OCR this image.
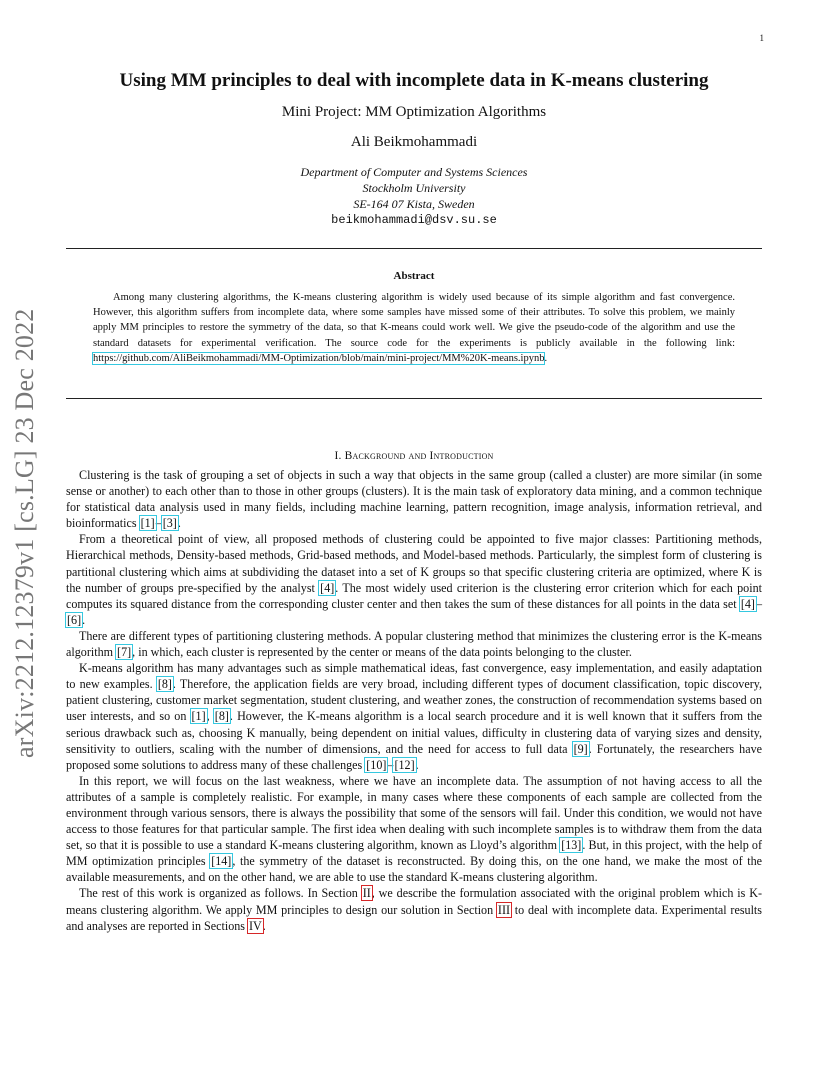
1
arXiv:2212.12379v1 [cs.LG] 23 Dec 2022
Using MM principles to deal with incomplete data in K-means clustering
Mini Project: MM Optimization Algorithms
Ali Beikmohammadi
Department of Computer and Systems Sciences
Stockholm University
SE-164 07 Kista, Sweden
beikmohammadi@dsv.su.se
Abstract
Among many clustering algorithms, the K-means clustering algorithm is widely used because of its simple algorithm and fast convergence. However, this algorithm suffers from incomplete data, where some samples have missed some of their attributes. To solve this problem, we mainly apply MM principles to restore the symmetry of the data, so that K-means could work well. We give the pseudo-code of the algorithm and use the standard datasets for experimental verification. The source code for the experiments is publicly available in the following link: https://github.com/AliBeikmohammadi/MM-Optimization/blob/main/mini-project/MM%20K-means.ipynb.
I. Background and Introduction

Clustering is the task of grouping a set of objects in such a way that objects in the same group (called a cluster) are more similar (in some sense or another) to each other than to those in other groups (clusters). It is the main task of exploratory data mining, and a common technique for statistical data analysis used in many fields, including machine learning, pattern recognition, image analysis, information retrieval, and bioinformatics [1]–[3].

From a theoretical point of view, all proposed methods of clustering could be appointed to five major classes: Partitioning methods, Hierarchical methods, Density-based methods, Grid-based methods, and Model-based methods. Particularly, the simplest form of clustering is partitional clustering which aims at subdividing the dataset into a set of K groups so that specific clustering criteria are optimized, where K is the number of groups pre-specified by the analyst [4]. The most widely used criterion is the clustering error criterion which for each point computes its squared distance from the corresponding cluster center and then takes the sum of these distances for all points in the data set [4]–[6].

There are different types of partitioning clustering methods. A popular clustering method that minimizes the clustering error is the K-means algorithm [7], in which, each cluster is represented by the center or means of the data points belonging to the cluster.

K-means algorithm has many advantages such as simple mathematical ideas, fast convergence, easy implementation, and easily adaptation to new examples. [8]. Therefore, the application fields are very broad, including different types of document classification, topic discovery, patient clustering, customer market segmentation, student clustering, and weather zones, the construction of recommendation systems based on user interests, and so on [1], [8]. However, the K-means algorithm is a local search procedure and it is well known that it suffers from the serious drawback such as, choosing K manually, being dependent on initial values, difficulty in clustering data of varying sizes and density, sensitivity to outliers, scaling with the number of dimensions, and the need for access to full data [9]. Fortunately, the researchers have proposed some solutions to address many of these challenges [10]–[12].

In this report, we will focus on the last weakness, where we have an incomplete data. The assumption of not having access to all the attributes of a sample is completely realistic. For example, in many cases where these components of each sample are collected from the environment through various sensors, there is always the possibility that some of the sensors will fail. Under this condition, we would not have access to those features for that particular sample. The first idea when dealing with such incomplete samples is to withdraw them from the data set, so that it is possible to use a standard K-means clustering algorithm, known as Lloyd’s algorithm [13]. But, in this project, with the help of MM optimization principles [14], the symmetry of the dataset is reconstructed. By doing this, on the one hand, we make the most of the available measurements, and on the other hand, we are able to use the standard K-means clustering algorithm.

The rest of this work is organized as follows. In Section II, we describe the formulation associated with the original problem which is K-means clustering algorithm. We apply MM principles to design our solution in Section III to deal with incomplete data. Experimental results and analyses are reported in Sections IV.
